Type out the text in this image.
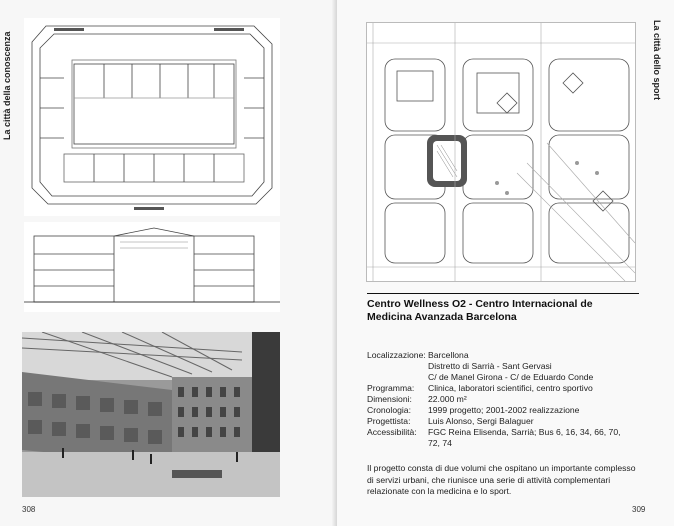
La città della conoscenza
308
La città dello sport
Centro Wellness O2 - Centro Internacional de Medicina Avanzada Barcelona
Localizzazione: Barcellona
Distretto di Sarrià - Sant Gervasi
C/ de Manel Girona - C/ de Eduardo Conde
Programma:	Clinica, laboratori scientifici, centro sportivo
Dimensioni:	22.000 m²
Cronologia:	1999 progetto; 2001-2002 realizzazione
Progettista:	Luis Alonso, Sergi Balaguer
Accessibilità:	FGC Reina Elisenda, Sarrià; Bus 6, 16, 34, 66, 70,
72, 74
Il progetto consta di due volumi che ospitano un importante complesso di servizi urbani, che riunisce una serie di attività complementari relazionate con la medicina e lo sport.
309
